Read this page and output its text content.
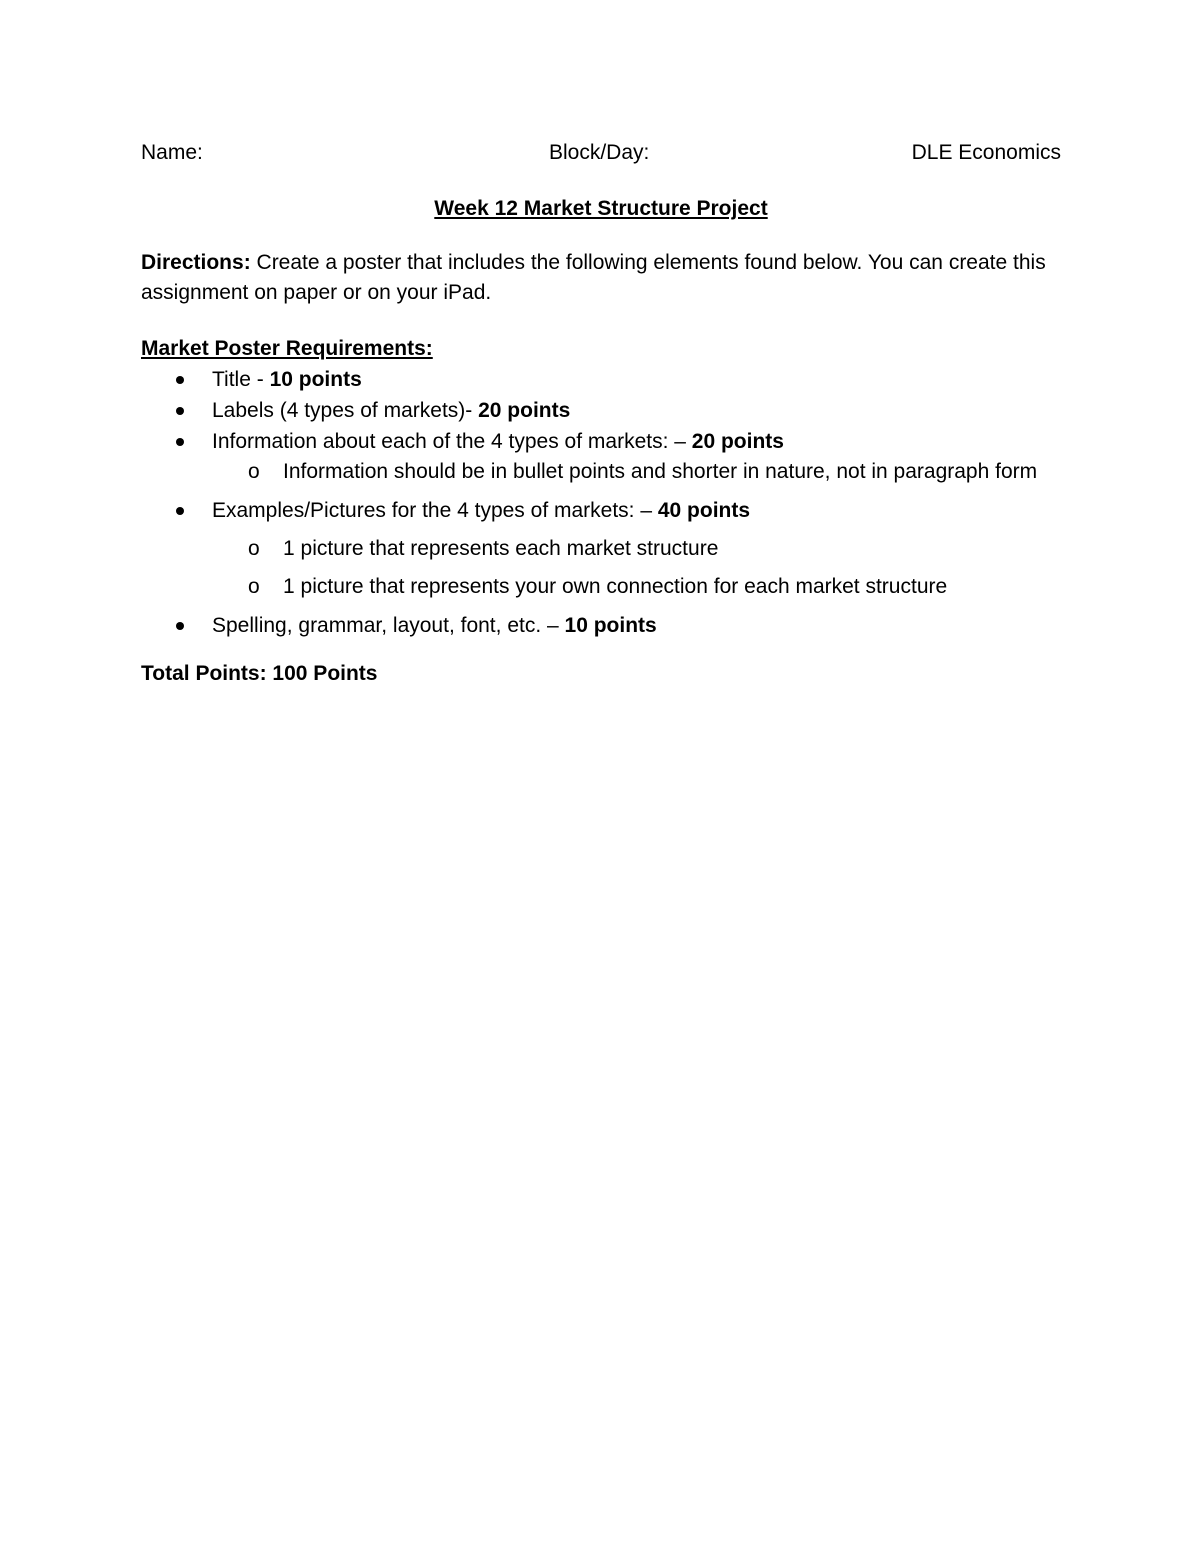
Name:	Block/Day:	DLE Economics
Week 12 Market Structure Project
Directions: Create a poster that includes the following elements found below. You can create this assignment on paper or on your iPad.
Market Poster Requirements:
Title - 10 points
Labels (4 types of markets)- 20 points
Information about each of the 4 types of markets: – 20 points
o Information should be in bullet points and shorter in nature, not in paragraph form
Examples/Pictures for the 4 types of markets: – 40 points
o 1 picture that represents each market structure
o 1 picture that represents your own connection for each market structure
Spelling, grammar, layout, font, etc. – 10 points
Total Points: 100 Points
